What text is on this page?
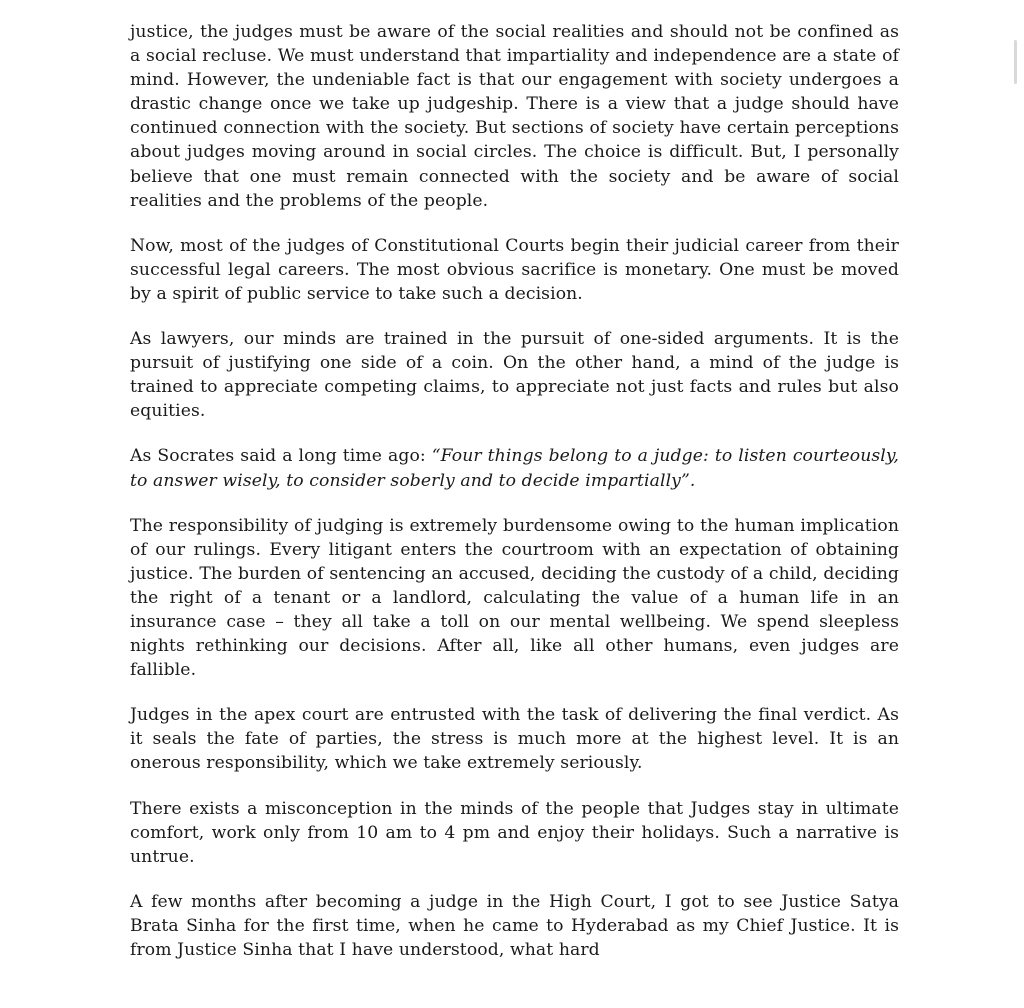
justice, the judges must be aware of the social realities and should not be confined as a social recluse. We must understand that impartiality and independence are a state of mind. However, the undeniable fact is that our engagement with society undergoes a drastic change once we take up judgeship. There is a view that a judge should have continued connection with the society. But sections of society have certain perceptions about judges moving around in social circles. The choice is difficult. But, I personally believe that one must remain connected with the society and be aware of social realities and the problems of the people.

Now, most of the judges of Constitutional Courts begin their judicial career from their successful legal careers. The most obvious sacrifice is monetary. One must be moved by a spirit of public service to take such a decision.

As lawyers, our minds are trained in the pursuit of one-sided arguments. It is the pursuit of justifying one side of a coin. On the other hand, a mind of the judge is trained to appreciate competing claims, to appreciate not just facts and rules but also equities.

As Socrates said a long time ago: “Four things belong to a judge: to listen courteously, to answer wisely, to consider soberly and to decide impartially”.

The responsibility of judging is extremely burdensome owing to the human implication of our rulings. Every litigant enters the courtroom with an expectation of obtaining justice. The burden of sentencing an accused, deciding the custody of a child, deciding the right of a tenant or a landlord, calculating the value of a human life in an insurance case – they all take a toll on our mental wellbeing. We spend sleepless nights rethinking our decisions. After all, like all other humans, even judges are fallible.

Judges in the apex court are entrusted with the task of delivering the final verdict. As it seals the fate of parties, the stress is much more at the highest level. It is an onerous responsibility, which we take extremely seriously.

There exists a misconception in the minds of the people that Judges stay in ultimate comfort, work only from 10 am to 4 pm and enjoy their holidays. Such a narrative is untrue.

A few months after becoming a judge in the High Court, I got to see Justice Satya Brata Sinha for the first time, when he came to Hyderabad as my Chief Justice. It is from Justice Sinha that I have understood, what hard
